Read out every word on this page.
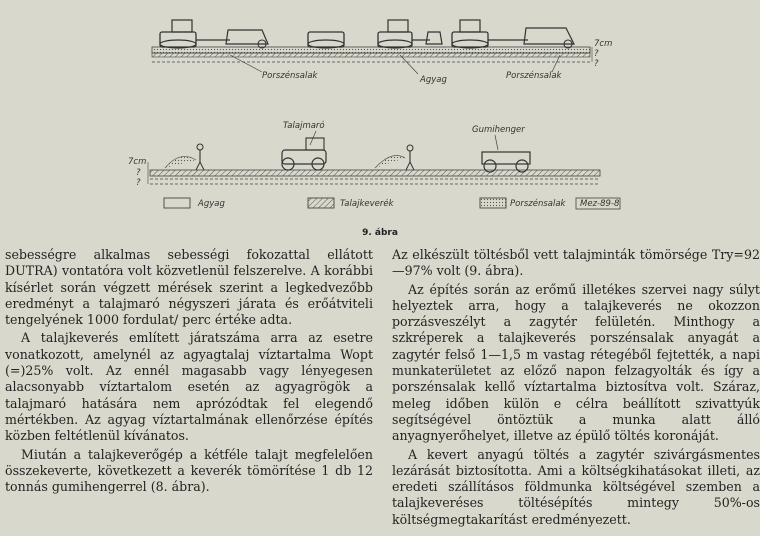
Porszénsalak	Agyag	Porszénsalak
7cm
?
?
Talajmaró	Gumihenger
7cm
?
?
Agyag	Talajkeverék	Porszénsalak Mez-89-8
9. ábra

sebességre alkalmas sebességi fokozattal ellátott DUTRA) vontatóra volt közvetlenül felszerelve. A korábbi kísérlet során végzett mérések szerint a legkedvezőbb eredményt a talajmaró négyszeri járata és erőátviteli tengelyének 1000 fordulat/ perc értéke adta.

A talajkeverés említett járatszáma arra az esetre vonatkozott, amelynél az agyagtalaj víztartalma Wopt (=)25% volt. Az ennél magasabb vagy lényegesen alacsonyabb víztartalom esetén az agyagrögök a talajmaró hatására nem aprózódtak fel elegendő mértékben. Az agyag víztartalmának ellenőrzése építés közben feltétlenül kívánatos.

Miután a talajkeverőgép a kétféle talajt megfelelően összekeverte, következett a keverék tömörítése 1 db 12 tonnás gumihengerrel (8. ábra).

Az elkészült töltésből vett talajminták tömörsége Try=92—97% volt (9. ábra).

Az építés során az erőmű illetékes szervei nagy súlyt helyeztek arra, hogy a talajkeverés ne okozzon porzásveszélyt a zagytér felületén. Minthogy a szkréperek a talajkeverés porszénsalak anyagát a zagytér felső 1—1,5 m vastag rétegéből fejtették, a napi munkaterületet az előző napon felzagyolták és így a porszénsalak kellő víztartalma biztosítva volt. Száraz, meleg időben külön e célra beállított szivattyúk segítségével öntöztük a munka alatt álló anyagnyerőhelyet, illetve az épülő töltés koronáját.

A kevert anyagú töltés a zagytér szivárgásmentes lezárását biztosította. Ami a költségkihatásokat illeti, az eredeti szállításos földmunka költségével szemben a talajkeveréses töltésépítés mintegy 50%-os költségmegtakarítást eredményezett.
